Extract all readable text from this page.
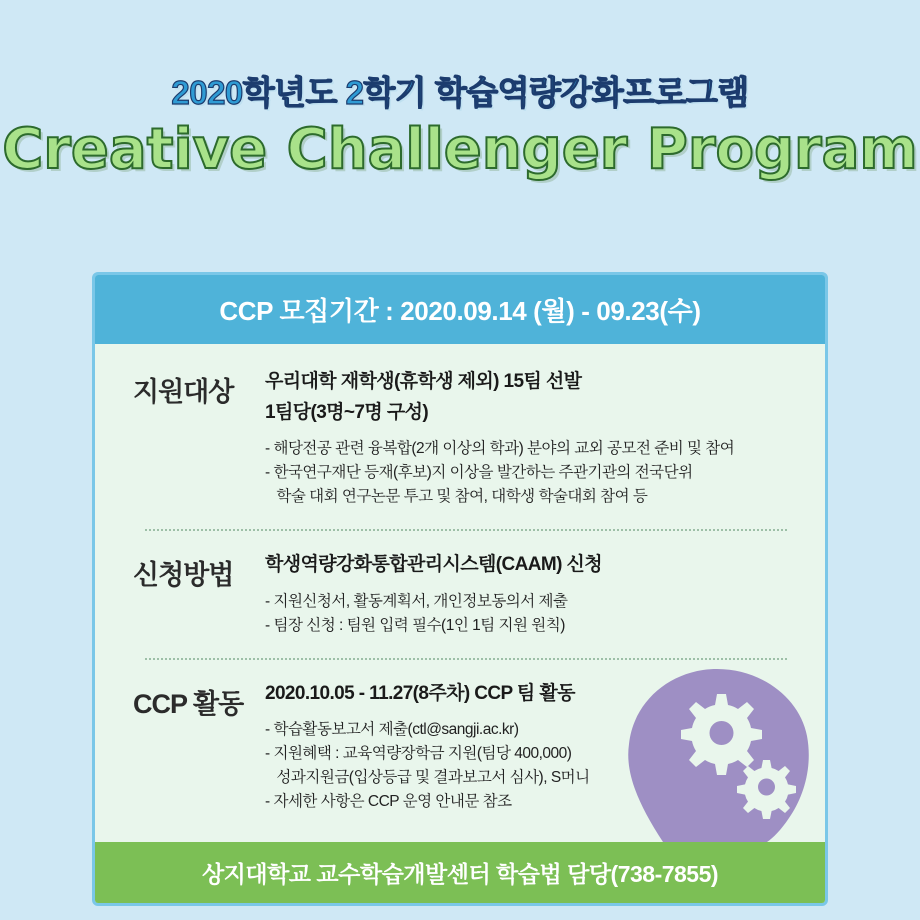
2020학년도 2학기 학습역량강화프로그램
Creative Challenger Program
CCP 모집기간 : 2020.09.14 (월) - 09.23(수)
지원대상	우리대학 재학생(휴학생 제외) 15팀 선발
1팀당(3명~7명 구성)
- 해당전공 관련 융복합(2개 이상의 학과) 분야의 교외 공모전 준비 및 참여
- 한국연구재단 등재(후보)지 이상을 발간하는 주관기관의 전국단위
학술 대회 연구논문 투고 및 참여, 대학생 학술대회 참여 등
신청방법	학생역량강화통합관리시스템(CAAM) 신청
- 지원신청서, 활동계획서, 개인정보동의서 제출
- 팀장 신청 : 팀원 입력 필수(1인 1팀 지원 원칙)
CCP 활동	2020.10.05 - 11.27(8주차) CCP 팀 활동
- 학습활동보고서 제출(ctl@sangji.ac.kr)
- 지원혜택 : 교육역량장학금 지원(팀당 400,000)
성과지원금(입상등급 및 결과보고서 심사), S머니
- 자세한 사항은 CCP 운영 안내문 참조
상지대학교 교수학습개발센터 학습법 담당(738-7855)
